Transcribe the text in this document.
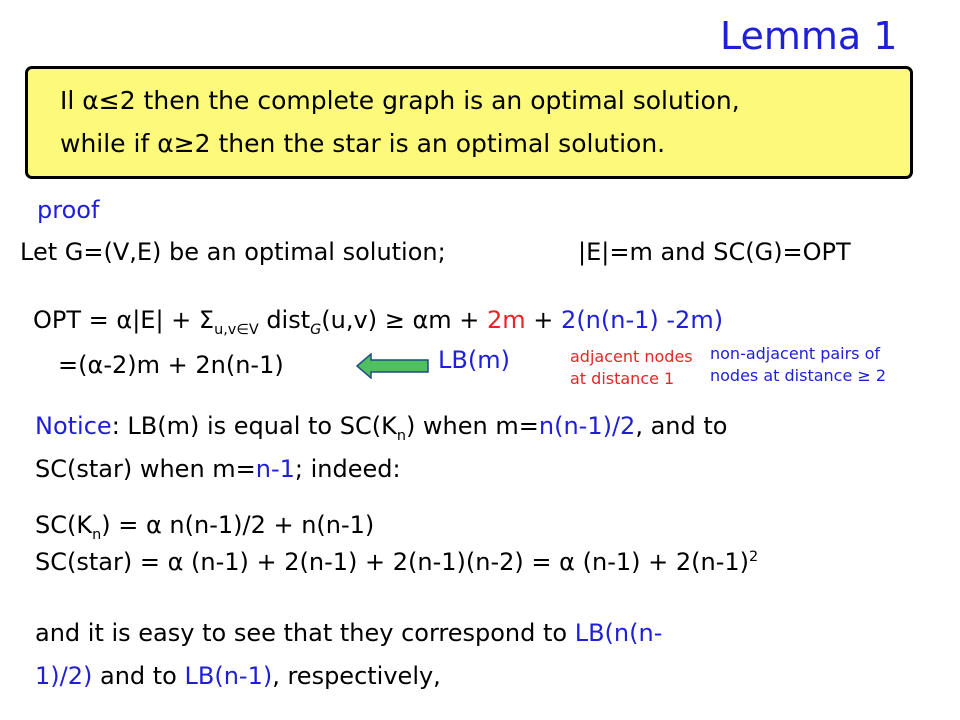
Lemma 1
Il α≤2 then the complete graph is an optimal solution,
while if α≥2 then the star is an optimal solution.
proof
Let G=(V,E) be an optimal solution;	|E|=m and SC(G)=OPT
OPT = $\alpha|E| + \Sigma_{u,v\in V}$ dist$_G$(u,v) ≥ αm + 2m + 2(n(n-1) -2m)
=(α-2)m + 2n(n-1)	LB(m)	adjacent nodes
at distance 1
non-adjacent pairs of
nodes at distance ≥ 2
Notice: LB(m) is equal to $SC(K_n)$ when m=n(n-1)/2, and to
SC(star) when m=n-1; indeed:
$SC(K_n) = \alpha$ n(n-1)/2 + n(n-1)
SC(star) = α (n-1) + 2(n-1) + 2(n-1)(n-2) = α $(n-1) + 2(n-1)^2$
and it is easy to see that they correspond to LB(n(n-
1)/2) and to LB(n-1), respectively,
